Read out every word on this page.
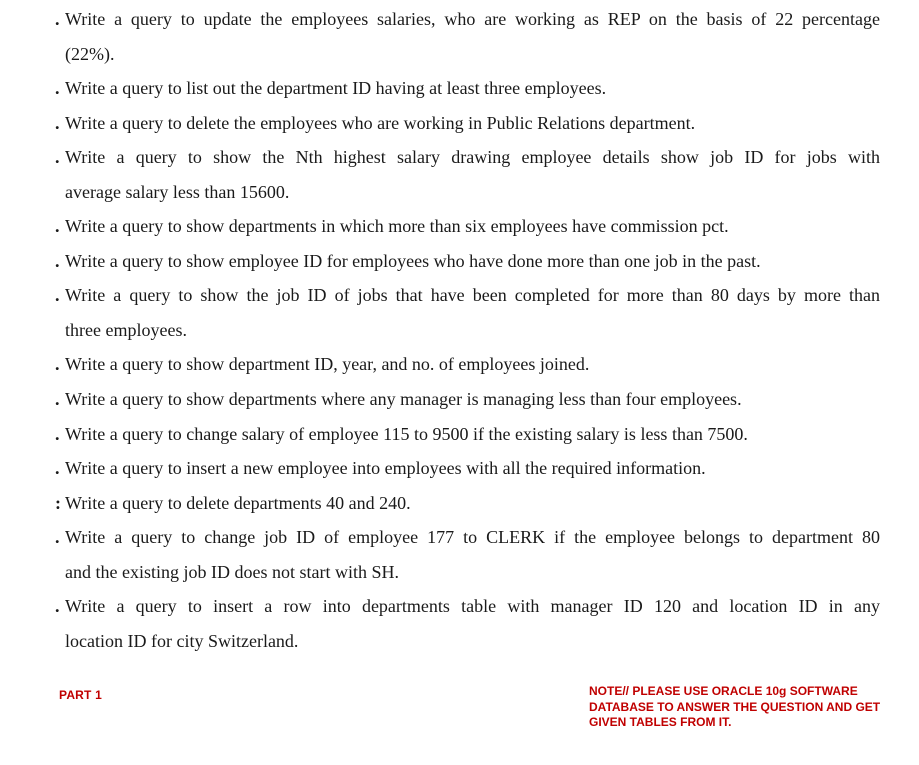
. Write a query to update the employees salaries, who are working as REP on the basis of 22 percentage
(22%).
. Write a query to list out the department ID having at least three employees.
. Write a query to delete the employees who are working in Public Relations department.
. Write a query to show the Nth highest salary drawing employee details show job ID for jobs with
average salary less than 15600.
. Write a query to show departments in which more than six employees have commission pct.
. Write a query to show employee ID for employees who have done more than one job in the past.
. Write a query to show the job ID of jobs that have been completed for more than 80 days by more than
three employees.
. Write a query to show department ID, year, and no. of employees joined.
. Write a query to show departments where any manager is managing less than four employees.
. Write a query to change salary of employee 115 to 9500 if the existing salary is less than 7500.
. Write a query to insert a new employee into employees with all the required information.
: Write a query to delete departments 40 and 240.
. Write a query to change job ID of employee 177 to CLERK if the employee belongs to department 80
and the existing job ID does not start with SH.
. Write a query to insert a row into departments table with manager ID 120 and location ID in any
location ID for city Switzerland.
PART 1	NOTE// PLEASE USE ORACLE 10g SOFTWARE
DATABASE TO ANSWER THE QUESTION AND GET
GIVEN TABLES FROM IT.
